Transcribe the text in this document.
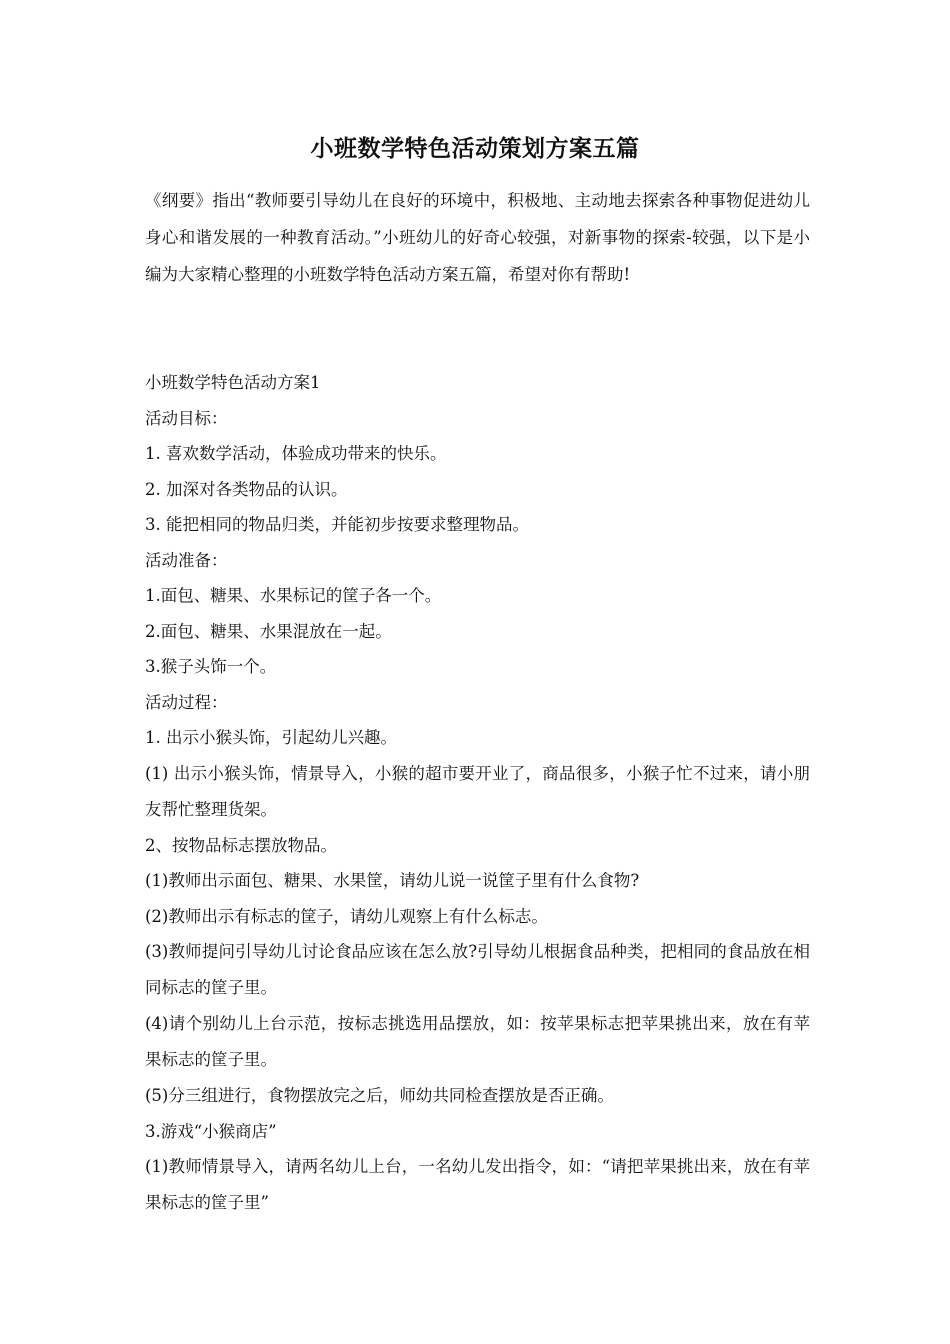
小班数学特色活动策划方案五篇
《纲要》指出“教师要引导幼儿在良好的环境中，积极地、主动地去探索各种事物促进幼儿身心和谐发展的一种教育活动。”小班幼儿的好奇心较强，对新事物的探索-较强，以下是小编为大家精心整理的小班数学特色活动方案五篇，希望对你有帮助!
小班数学特色活动方案1
活动目标：
1. 喜欢数学活动，体验成功带来的快乐。
2. 加深对各类物品的认识。
3. 能把相同的物品归类，并能初步按要求整理物品。
活动准备：
1.面包、糖果、水果标记的筐子各一个。
2.面包、糖果、水果混放在一起。
3.猴子头饰一个。
活动过程：
1. 出示小猴头饰，引起幼儿兴趣。
(1) 出示小猴头饰，情景导入，小猴的超市要开业了，商品很多，小猴子忙不过来，请小朋友帮忙整理货架。
2、按物品标志摆放物品。
(1)教师出示面包、糖果、水果筐，请幼儿说一说筐子里有什么食物?
(2)教师出示有标志的筐子，请幼儿观察上有什么标志。
(3)教师提问引导幼儿讨论食品应该在怎么放?引导幼儿根据食品种类，把相同的食品放在相同标志的筐子里。
(4)请个别幼儿上台示范，按标志挑选用品摆放，如：按苹果标志把苹果挑出来，放在有苹果标志的筐子里。
(5)分三组进行，食物摆放完之后，师幼共同检查摆放是否正确。
3.游戏“小猴商店”
(1)教师情景导入，请两名幼儿上台，一名幼儿发出指令，如：“请把苹果挑出来，放在有苹果标志的筐子里”
